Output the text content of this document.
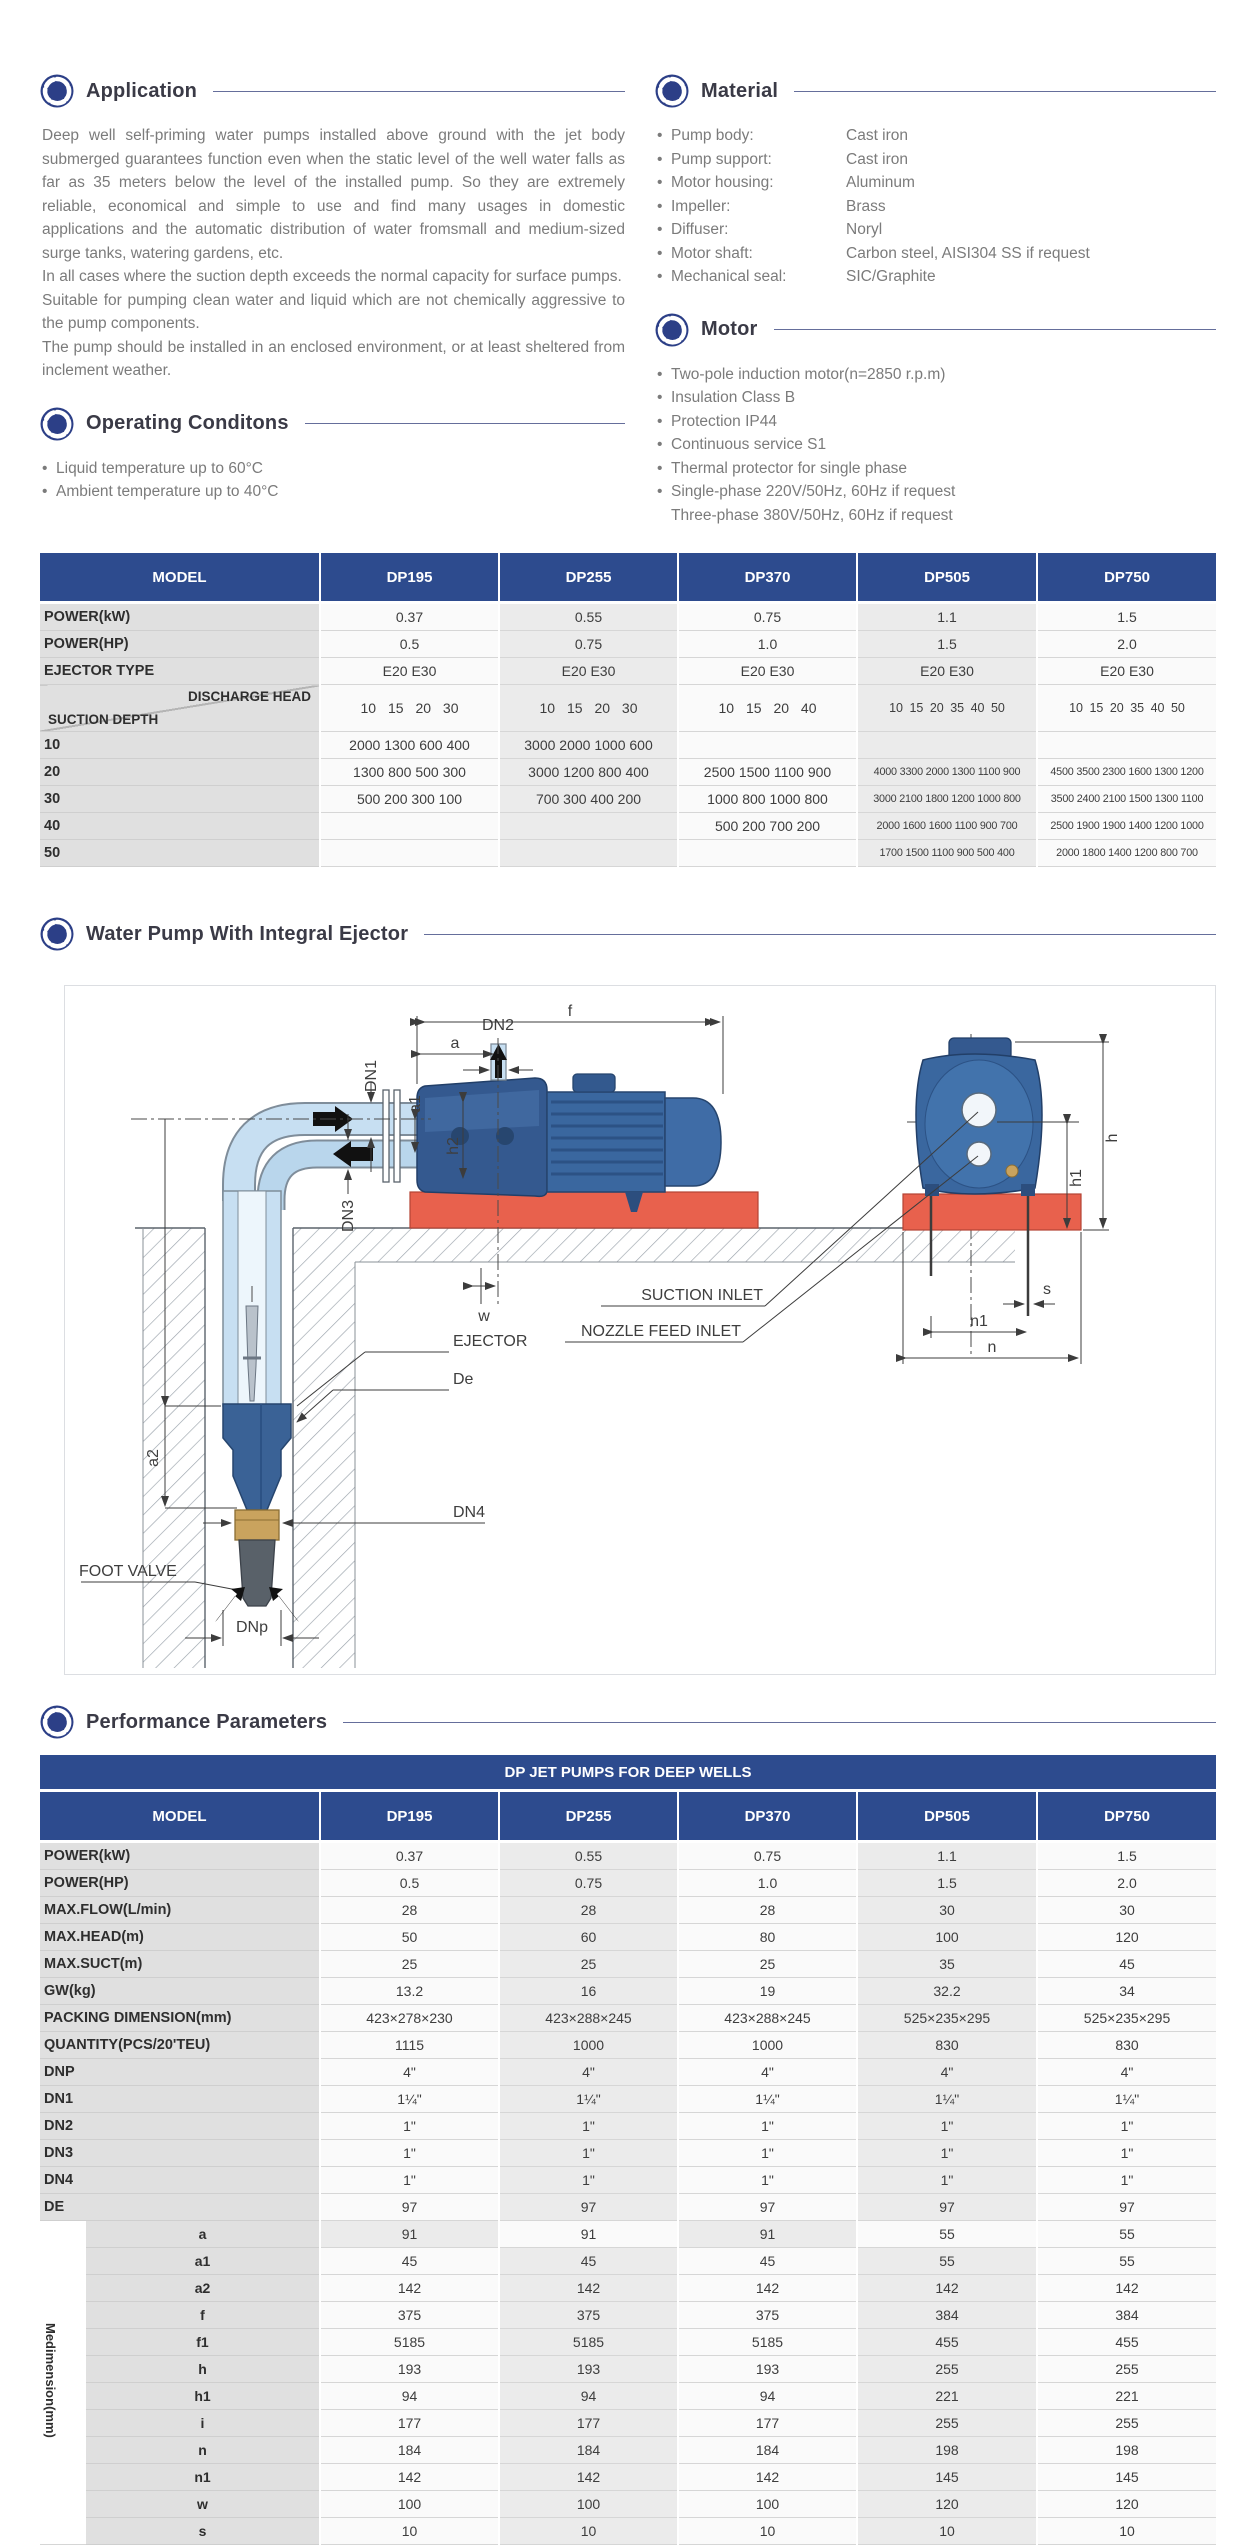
Application

Deep well self-priming water pumps installed above ground with the jet body submerged guarantees function even when the static level of the well water falls as far as 35 meters below the level of the installed pump. So they are extremely reliable, economical and simple to use and find many usages in domestic applications and the automatic distribution of water fromsmall and medium-sized surge tanks, watering gardens, etc.

In all cases where the suction depth exceeds the normal capacity for surface pumps.

Suitable for pumping clean water and liquid which are not chemically aggressive to the pump components.

The pump should be installed in an enclosed environment, or at least sheltered from inclement weather.

Operating Conditons
• Liquid temperature up to 60°C
• Ambient temperature up to 40°C
Material
• Pump body:	Cast iron
• Pump support:	Cast iron
• Motor housing:	Aluminum
• Impeller:	Brass
• Diffuser:	Noryl
• Motor shaft:	Carbon steel, AISI304 SS if request
• Mechanical seal:	SIC/Graphite
Motor
• Two-pole induction motor(n=2850 r.p.m)
• Insulation Class B
• Protection IP44
• Continuous service S1
• Thermal protector for single phase
• Single-phase 220V/50Hz, 60Hz if request
Three-phase 380V/50Hz, 60Hz if request
MODEL	DP195	DP255	DP370	DP505	DP750
POWER(kW)	0.37	0.55	0.75	1.1	1.5
POWER(HP)	0.5	0.75	1.0	1.5	2.0
EJECTOR TYPE	E20 E30	E20 E30	E20 E30	E20 E30	E20 E30

DISCHARGE HEAD
SUCTION DEPTH	10 15 20 30	10 15 20 30	10 15 20 40	10 15 20 35 40 50	10 15 20 35 40 50
10	2000 1300 600 400	3000 2000 1000 600			
20	1300 800 500 300	3000 1200 800 400	2500 1500 1100 900	4000 3300 2000 1300 1100 900	4500 3500 2300 1600 1300 1200
30	500 200 300 100	700 300 400 200	1000 800 1000 800	3000 2100 1800 1200 1000 800	3500 2400 2100 1500 1300 1100
40			500 200 700 200	2000 1600 1600 1100 900 700	2500 1900 1900 1400 1200 1000
50				1700 1500 1100 900 500 400	2000 1800 1400 1200 800 700
Water Pump With Integral Ejector
f
a
DN2
DN1
a1
h2
DN3
w
a2
EJECTOR
De
DN4
FOOT VALVE
DNp
SUCTION INLET
NOZZLE FEED INLET
h
h1
s
n1
n
Performance Parameters
DP JET PUMPS FOR DEEP WELLS						
MODEL		DP195	DP255	DP370	DP505	DP750
POWER(kW)		0.37	0.55	0.75	1.1	1.5
POWER(HP)		0.5	0.75	1.0	1.5	2.0
MAX.FLOW(L/min)		28	28	28	30	30
MAX.HEAD(m)		50	60	80	100	120
MAX.SUCT(m)		25	25	25	35	45
GW(kg)		13.2	16	19	32.2	34
PACKING DIMENSION(mm)		423×278×230	423×288×245	423×288×245	525×235×295	525×235×295
QUANTITY(PCS/20'TEU)		1115	1000	1000	830	830
DNP		4"	4"	4"	4"	4"
DN1		1¼"	1¼"	1¼"	1¼"	1¼"
DN2		1"	1"	1"	1"	1"
DN3		1"	1"	1"	1"	1"
DN4		1"	1"	1"	1"	1"
DE		97	97	97	97	97
Medimension(mm)	a	91	91	91	55	55
	a1	45	45	45	55	55
	a2	142	142	142	142	142
	f	375	375	375	384	384
	f1	5185	5185	5185	455	455
	h	193	193	193	255	255
	h1	94	94	94	221	221
	i	177	177	177	255	255
	n	184	184	184	198	198
	n1	142	142	142	145	145
	w	100	100	100	120	120
	s	10	10	10	10	10
